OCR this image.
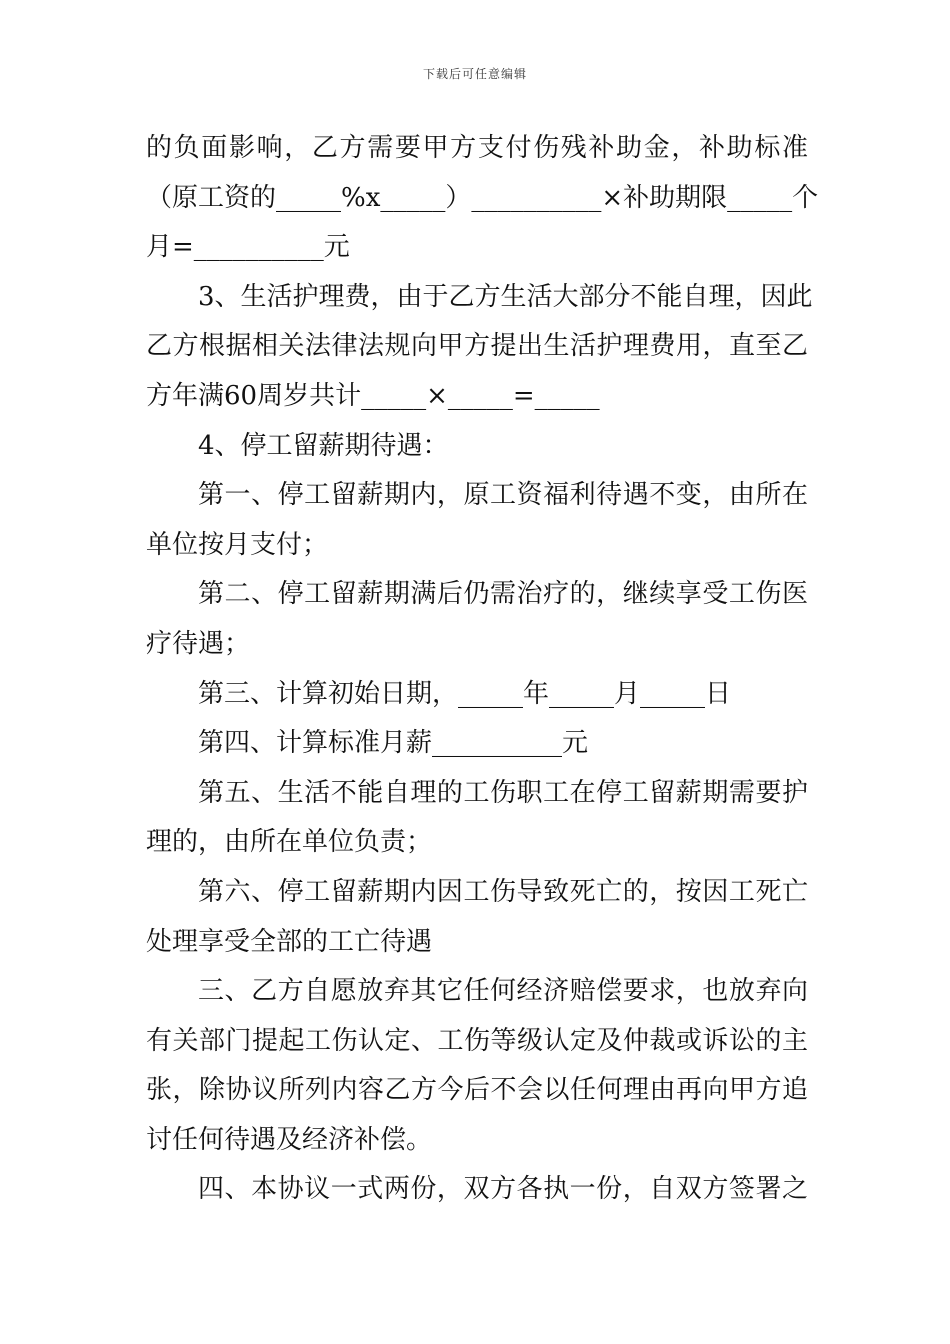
下载后可任意编辑
的负面影响，乙方需要甲方支付伤残补助金，补助标准
（原工资的_____%x_____）__________×补助期限_____个
月=__________元
3、生活护理费，由于乙方生活大部分不能自理，因此
乙方根据相关法律法规向甲方提出生活护理费用，直至乙
方年满60周岁共计_____×_____=_____
4、停工留薪期待遇：
第一、停工留薪期内，原工资福利待遇不变，由所在
单位按月支付；
第二、停工留薪期满后仍需治疗的，继续享受工伤医
疗待遇；
第三、计算初始日期，_____年_____月_____日
第四、计算标准月薪__________元
第五、生活不能自理的工伤职工在停工留薪期需要护
理的，由所在单位负责；
第六、停工留薪期内因工伤导致死亡的，按因工死亡
处理享受全部的工亡待遇
三、乙方自愿放弃其它任何经济赔偿要求，也放弃向
有关部门提起工伤认定、工伤等级认定及仲裁或诉讼的主
张，除协议所列内容乙方今后不会以任何理由再向甲方追
讨任何待遇及经济补偿。
四、本协议一式两份，双方各执一份，自双方签署之
